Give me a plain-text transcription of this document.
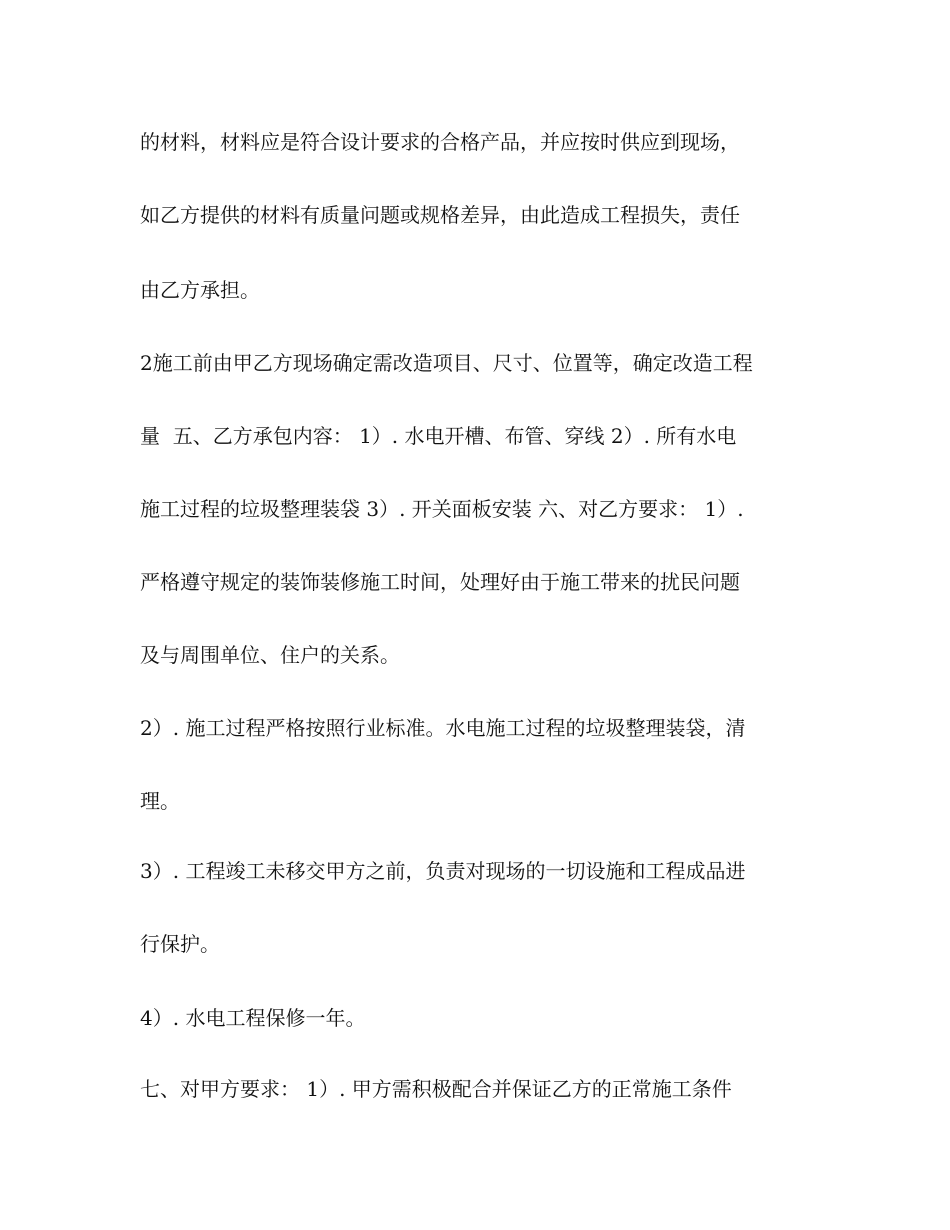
的材料，材料应是符合设计要求的合格产品，并应按时供应到现场，

如乙方提供的材料有质量问题或规格差异，由此造成工程损失，责任

由乙方承担。

2施工前由甲乙方现场确定需改造项目、尺寸、位置等，确定改造工程

量  五、乙方承包内容： 1）. 水电开槽、布管、穿线 2）. 所有水电

施工过程的垃圾整理装袋 3）. 开关面板安装 六、对乙方要求： 1）.

严格遵守规定的装饰装修施工时间，处理好由于施工带来的扰民问题

及与周围单位、住户的关系。

2）. 施工过程严格按照行业标准。水电施工过程的垃圾整理装袋，清

理。

3）. 工程竣工未移交甲方之前，负责对现场的一切设施和工程成品进

行保护。

4）. 水电工程保修一年。

七、对甲方要求： 1）. 甲方需积极配合并保证乙方的正常施工条件
